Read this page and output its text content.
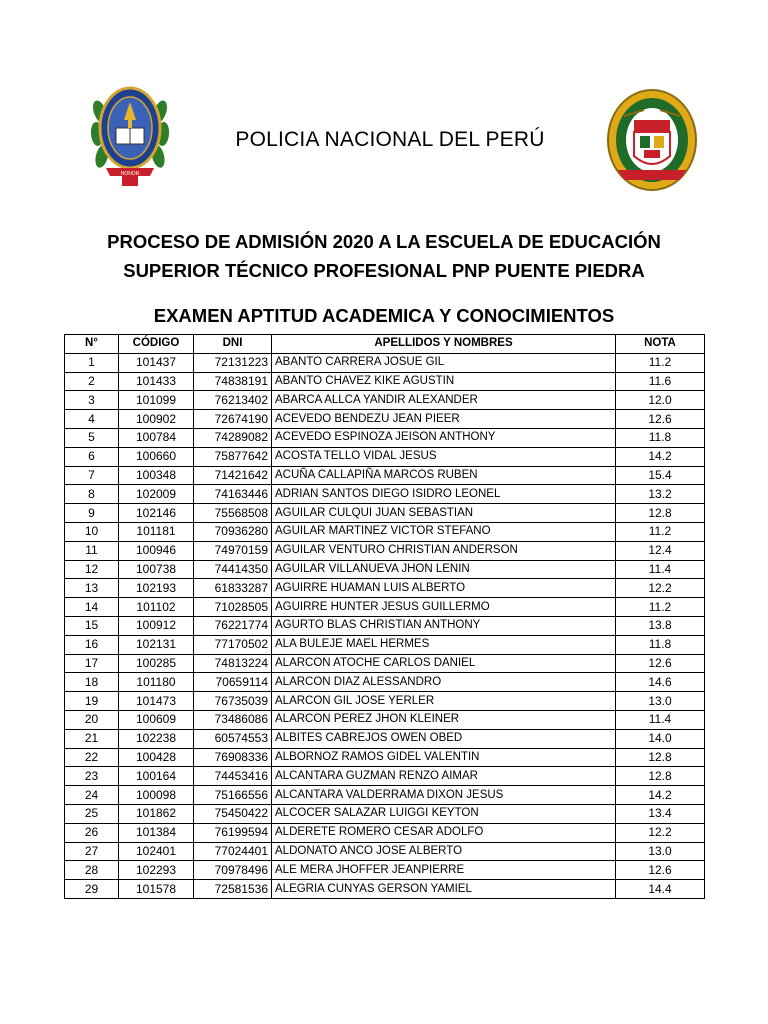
HONOR
POLICIA NACIONAL DEL PERÚ
PROCESO DE ADMISIÓN 2020 A LA ESCUELA DE EDUCACIÓN
SUPERIOR TÉCNICO PROFESIONAL PNP PUENTE PIEDRA
EXAMEN APTITUD ACADEMICA Y CONOCIMIENTOS
N°	CÓDIGO	DNI	APELLIDOS Y NOMBRES	NOTA
1	101437	72131223	ABANTO CARRERA JOSUE GIL	11.2
2	101433	74838191	ABANTO CHAVEZ KIKE AGUSTIN	11.6
3	101099	76213402	ABARCA ALLCA YANDIR ALEXANDER	12.0
4	100902	72674190	ACEVEDO BENDEZU JEAN PIEER	12.6
5	100784	74289082	ACEVEDO ESPINOZA JEISON ANTHONY	11.8
6	100660	75877642	ACOSTA TELLO VIDAL JESUS	14.2
7	100348	71421642	ACUÑA CALLAPIÑA MARCOS RUBEN	15.4
8	102009	74163446	ADRIAN SANTOS DIEGO ISIDRO LEONEL	13.2
9	102146	75568508	AGUILAR CULQUI JUAN SEBASTIAN	12.8
10	101181	70936280	AGUILAR MARTINEZ VICTOR STEFANO	11.2
11	100946	74970159	AGUILAR VENTURO CHRISTIAN ANDERSON	12.4
12	100738	74414350	AGUILAR VILLANUEVA JHON LENIN	11.4
13	102193	61833287	AGUIRRE HUAMAN LUIS ALBERTO	12.2
14	101102	71028505	AGUIRRE HUNTER JESUS GUILLERMO	11.2
15	100912	76221774	AGURTO BLAS CHRISTIAN ANTHONY	13.8
16	102131	77170502	ALA BULEJE MAEL HERMES	11.8
17	100285	74813224	ALARCON ATOCHE CARLOS DANIEL	12.6
18	101180	70659114	ALARCON DIAZ ALESSANDRO	14.6
19	101473	76735039	ALARCON GIL JOSE YERLER	13.0
20	100609	73486086	ALARCON PEREZ JHON KLEINER	11.4
21	102238	60574553	ALBITES CABREJOS OWEN OBED	14.0
22	100428	76908336	ALBORNOZ RAMOS GIDEL VALENTIN	12.8
23	100164	74453416	ALCANTARA GUZMAN RENZO AIMAR	12.8
24	100098	75166556	ALCANTARA VALDERRAMA DIXON JESUS	14.2
25	101862	75450422	ALCOCER SALAZAR LUIGGI KEYTON	13.4
26	101384	76199594	ALDERETE ROMERO CESAR ADOLFO	12.2
27	102401	77024401	ALDONATO ANCO JOSE ALBERTO	13.0
28	102293	70978496	ALE MERA JHOFFER JEANPIERRE	12.6
29	101578	72581536	ALEGRIA CUNYAS GERSON YAMIEL	14.4
